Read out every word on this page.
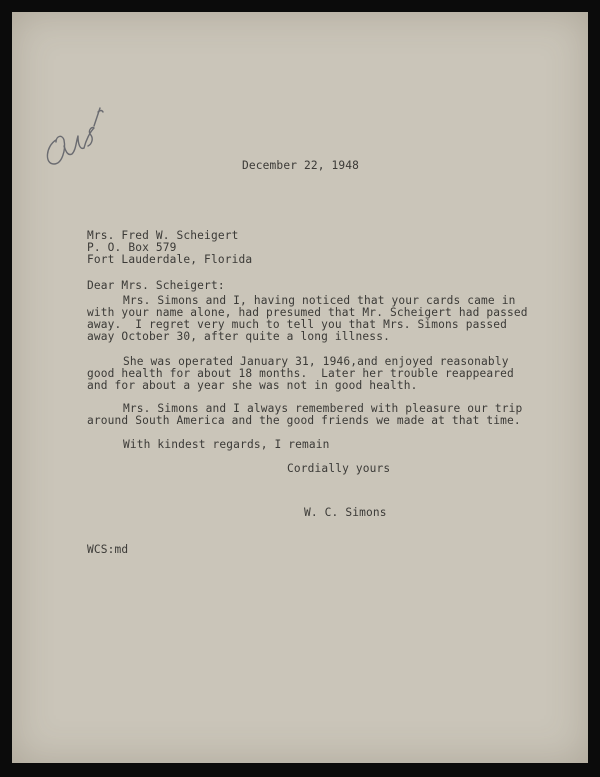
December 22, 1948
Mrs. Fred W. Scheigert
P. O. Box 579
Fort Lauderdale, Florida
Dear Mrs. Scheigert:
Mrs. Simons and I, having noticed that your cards came in
with your name alone, had presumed that Mr. Scheigert had passed
away.  I regret very much to tell you that Mrs. Simons passed
away October 30, after quite a long illness.
She was operated January 31, 1946,and enjoyed reasonably
good health for about 18 months.  Later her trouble reappeared
and for about a year she was not in good health.
Mrs. Simons and I always remembered with pleasure our trip
around South America and the good friends we made at that time.
With kindest regards, I remain
Cordially yours
W. C. Simons
WCS:md
